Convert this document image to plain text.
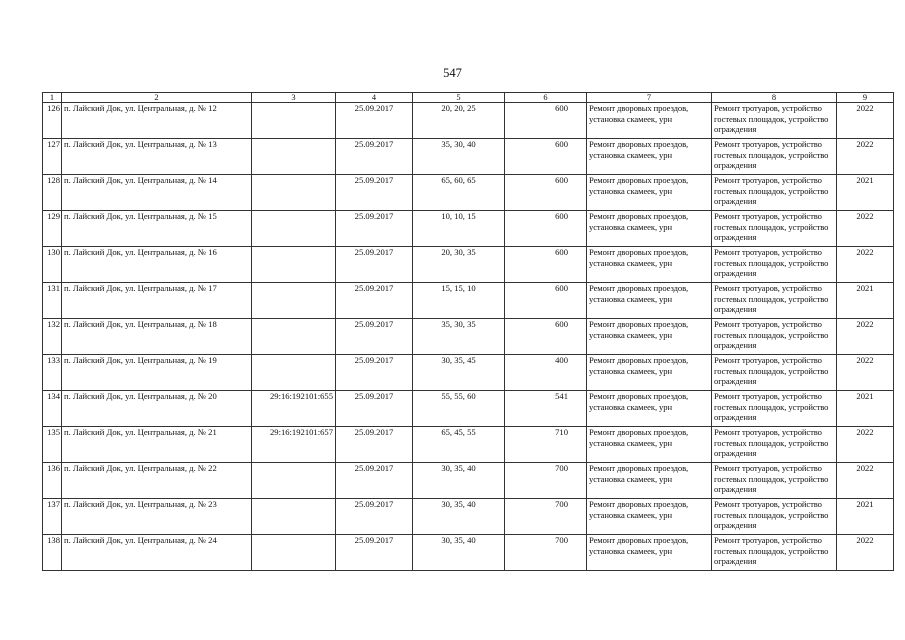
547
1	2	3	4	5	6	7	8	9
126	п. Лайский Док, ул. Центральная, д. № 12		25.09.2017	20, 20, 25	600	Ремонт дворовых проездов, установка скамеек, урн	Ремонт тротуаров, устройство гостевых площадок, устройство ограждения	2022
127	п. Лайский Док, ул. Центральная, д. № 13		25.09.2017	35, 30, 40	600	Ремонт дворовых проездов, установка скамеек, урн	Ремонт тротуаров, устройство гостевых площадок, устройство ограждения	2022
128	п. Лайский Док, ул. Центральная, д. № 14		25.09.2017	65, 60, 65	600	Ремонт дворовых проездов, установка скамеек, урн	Ремонт тротуаров, устройство гостевых площадок, устройство ограждения	2021
129	п. Лайский Док, ул. Центральная, д. № 15		25.09.2017	10, 10, 15	600	Ремонт дворовых проездов, установка скамеек, урн	Ремонт тротуаров, устройство гостевых площадок, устройство ограждения	2022
130	п. Лайский Док, ул. Центральная, д. № 16		25.09.2017	20, 30, 35	600	Ремонт дворовых проездов, установка скамеек, урн	Ремонт тротуаров, устройство гостевых площадок, устройство ограждения	2022
131	п. Лайский Док, ул. Центральная, д. № 17		25.09.2017	15, 15, 10	600	Ремонт дворовых проездов, установка скамеек, урн	Ремонт тротуаров, устройство гостевых площадок, устройство ограждения	2021
132	п. Лайский Док, ул. Центральная, д. № 18		25.09.2017	35, 30, 35	600	Ремонт дворовых проездов, установка скамеек, урн	Ремонт тротуаров, устройство гостевых площадок, устройство ограждения	2022
133	п. Лайский Док, ул. Центральная, д. № 19		25.09.2017	30, 35, 45	400	Ремонт дворовых проездов, установка скамеек, урн	Ремонт тротуаров, устройство гостевых площадок, устройство ограждения	2022
134	п. Лайский Док, ул. Центральная, д. № 20	29:16:192101:655	25.09.2017	55, 55, 60	541	Ремонт дворовых проездов, установка скамеек, урн	Ремонт тротуаров, устройство гостевых площадок, устройство ограждения	2021
135	п. Лайский Док, ул. Центральная, д. № 21	29:16:192101:657	25.09.2017	65, 45, 55	710	Ремонт дворовых проездов, установка скамеек, урн	Ремонт тротуаров, устройство гостевых площадок, устройство ограждения	2022
136	п. Лайский Док, ул. Центральная, д. № 22		25.09.2017	30, 35, 40	700	Ремонт дворовых проездов, установка скамеек, урн	Ремонт тротуаров, устройство гостевых площадок, устройство ограждения	2022
137	п. Лайский Док, ул. Центральная, д. № 23		25.09.2017	30, 35, 40	700	Ремонт дворовых проездов, установка скамеек, урн	Ремонт тротуаров, устройство гостевых площадок, устройство ограждения	2021
138	п. Лайский Док, ул. Центральная, д. № 24		25.09.2017	30, 35, 40	700	Ремонт дворовых проездов, установка скамеек, урн	Ремонт тротуаров, устройство гостевых площадок, устройство ограждения	2022
